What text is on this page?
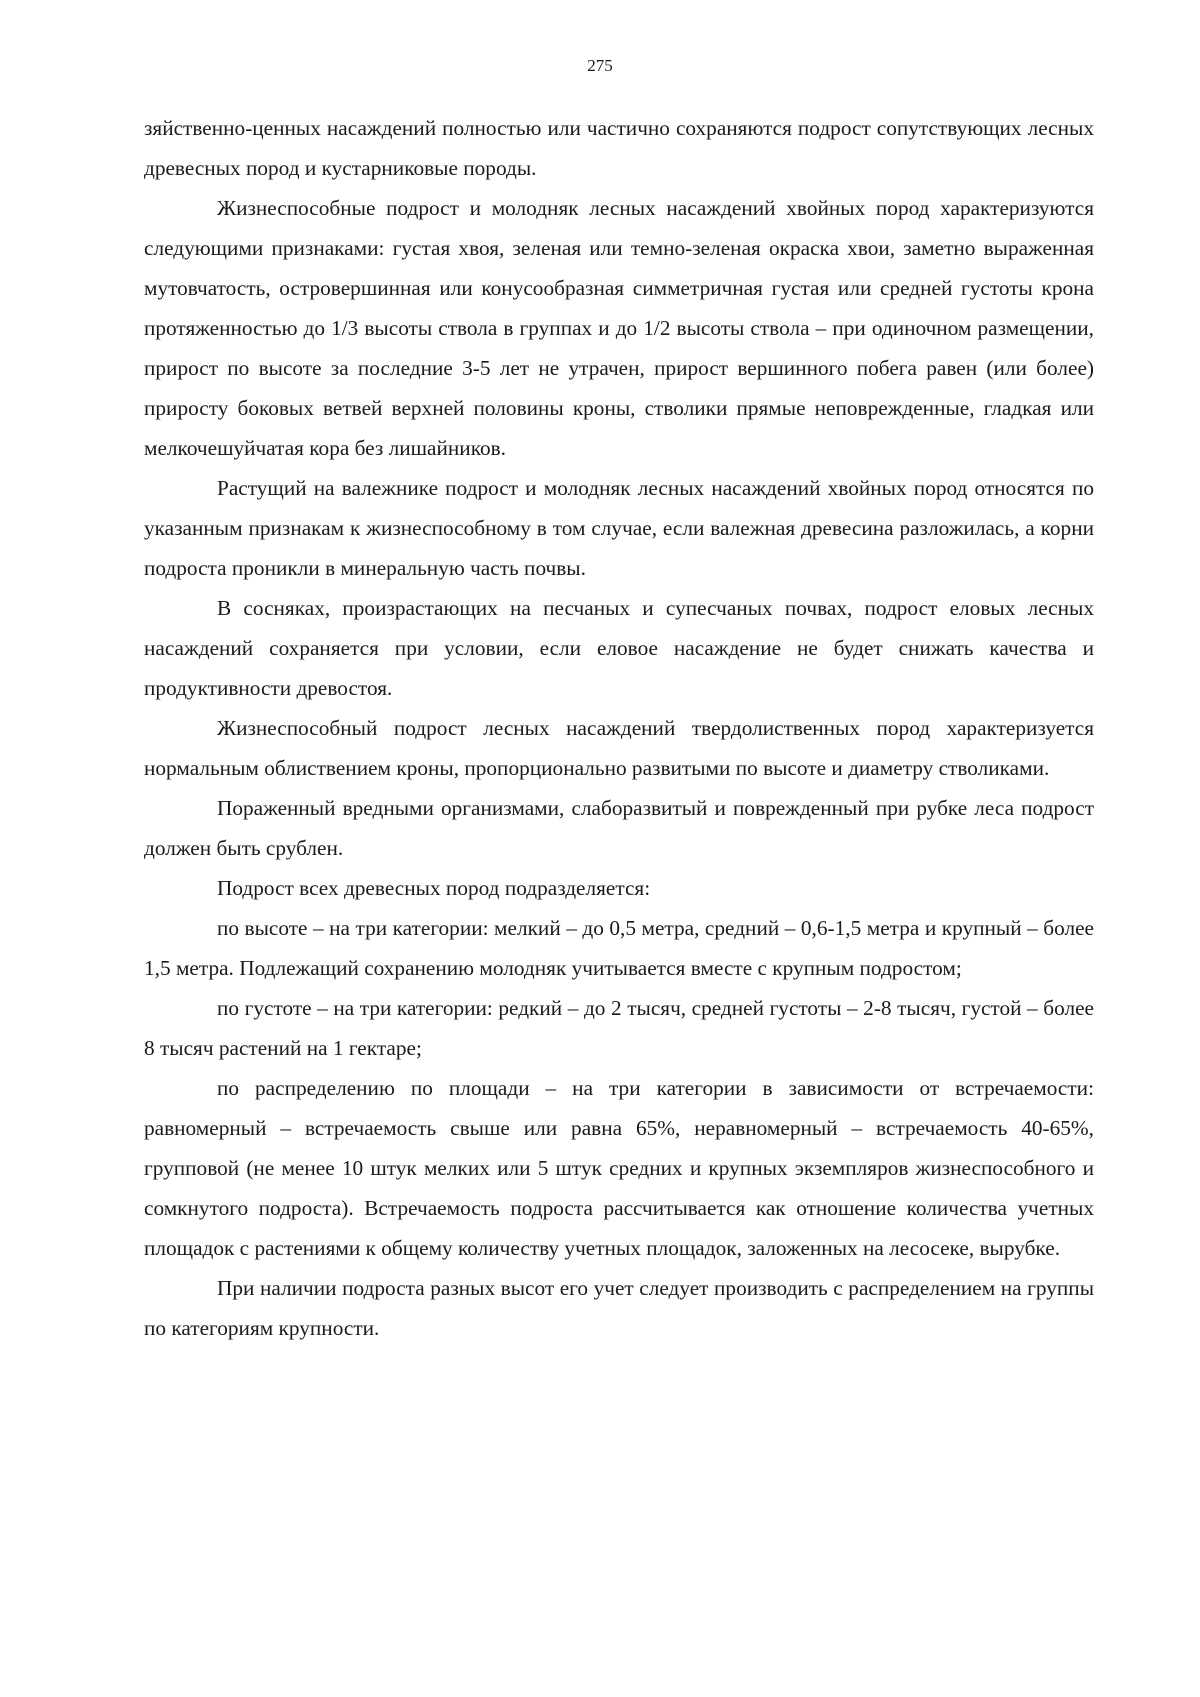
275

зяйственно-ценных насаждений полностью или частично сохраняются подрост сопутствующих лесных древесных пород и кустарниковые породы.

Жизнеспособные подрост и молодняк лесных насаждений хвойных пород характеризуются следующими признаками: густая хвоя, зеленая или темно-зеленая окраска хвои, заметно выраженная мутовчатость, островершинная или конусообразная симметричная густая или средней густоты крона протяженностью до 1/3 высоты ствола в группах и до 1/2 высоты ствола – при одиночном размещении, прирост по высоте за последние 3-5 лет не утрачен, прирост вершинного побега равен (или более) приросту боковых ветвей верхней половины кроны, стволики прямые неповрежденные, гладкая или мелкочешуйчатая кора без лишайников.

Растущий на валежнике подрост и молодняк лесных насаждений хвойных пород относятся по указанным признакам к жизнеспособному в том случае, если валежная древесина разложилась, а корни подроста проникли в минеральную часть почвы.

В сосняках, произрастающих на песчаных и супесчаных почвах, подрост еловых лесных насаждений сохраняется при условии, если еловое насаждение не будет снижать качества и продуктивности древостоя.

Жизнеспособный подрост лесных насаждений твердолиственных пород характеризуется нормальным облиствением кроны, пропорционально развитыми по высоте и диаметру стволиками.

Пораженный вредными организмами, слаборазвитый и поврежденный при рубке леса подрост должен быть срублен.

Подрост всех древесных пород подразделяется:

по высоте – на три категории: мелкий – до 0,5 метра, средний – 0,6-1,5 метра и крупный – более 1,5 метра. Подлежащий сохранению молодняк учитывается вместе с крупным подростом;

по густоте – на три категории: редкий – до 2 тысяч, средней густоты – 2-8 тысяч, густой – более 8 тысяч растений на 1 гектаре;

по распределению по площади – на три категории в зависимости от встречаемости: равномерный – встречаемость свыше или равна 65%, неравномерный – встречаемость 40-65%, групповой (не менее 10 штук мелких или 5 штук средних и крупных экземпляров жизнеспособного и сомкнутого подроста). Встречаемость подроста рассчитывается как отношение количества учетных площадок с растениями к общему количеству учетных площадок, заложенных на лесосеке, вырубке.

При наличии подроста разных высот его учет следует производить с распределением на группы по категориям крупности.
